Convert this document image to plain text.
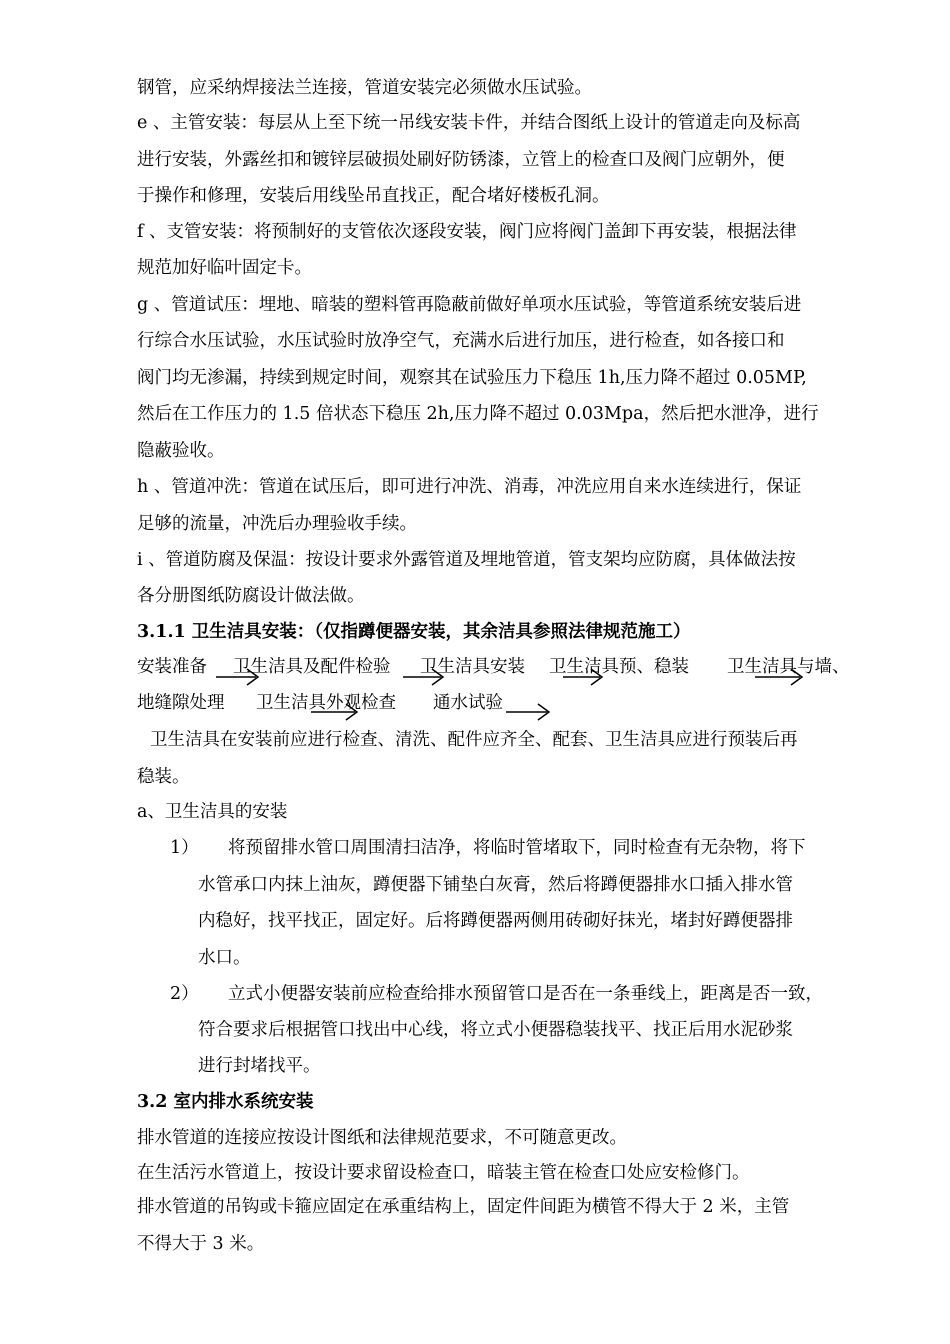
钢管，应采纳焊接法兰连接，管道安装完必须做水压试验。
e 、主管安装：每层从上至下统一吊线安装卡件，并结合图纸上设计的管道走向及标高
进行安装，外露丝扣和镀锌层破损处刷好防锈漆，立管上的检查口及阀门应朝外，便
于操作和修理，安装后用线坠吊直找正，配合堵好楼板孔洞。
f 、支管安装：将预制好的支管依次逐段安装，阀门应将阀门盖卸下再安装，根据法律
规范加好临叶固定卡。
g 、管道试压：埋地、暗装的塑料管再隐蔽前做好单项水压试验，等管道系统安装后进
行综合水压试验，水压试验时放净空气，充满水后进行加压，进行检查，如各接口和
阀门均无渗漏，持续到规定时间，观察其在试验压力下稳压 1h,压力降不超过 0.05MP,
然后在工作压力的 1.5 倍状态下稳压 2h,压力降不超过 0.03Mpa，然后把水泄净，进行
隐蔽验收。
h 、管道冲洗：管道在试压后，即可进行冲洗、消毒，冲洗应用自来水连续进行，保证
足够的流量，冲洗后办理验收手续。
i 、管道防腐及保温：按设计要求外露管道及埋地管道，管支架均应防腐，具体做法按
各分册图纸防腐设计做法做。
3.1.1 卫生洁具安装：（仅指蹲便器安装，其余洁具参照法律规范施工）
安装准备 卫生洁具及配件检验 卫生洁具安装 卫生洁具预、稳装 卫生洁具与墙、
地缝隙处理 卫生洁具外观检查 通水试验
卫生洁具在安装前应进行检查、清洗、配件应齐全、配套、卫生洁具应进行预装后再
稳装。
a、卫生洁具的安装
1） 将预留排水管口周围清扫洁净，将临时管堵取下，同时检查有无杂物，将下
水管承口内抹上油灰，蹲便器下铺垫白灰膏，然后将蹲便器排水口插入排水管
内稳好，找平找正，固定好。后将蹲便器两侧用砖砌好抹光，堵封好蹲便器排
水口。
2） 立式小便器安装前应检查给排水预留管口是否在一条垂线上，距离是否一致，
符合要求后根据管口找出中心线，将立式小便器稳装找平、找正后用水泥砂浆
进行封堵找平。
3.2 室内排水系统安装
排水管道的连接应按设计图纸和法律规范要求，不可随意更改。
在生活污水管道上，按设计要求留设检查口，暗装主管在检查口处应安检修门。
排水管道的吊钩或卡箍应固定在承重结构上，固定件间距为横管不得大于 2 米，主管
不得大于 3 米。
